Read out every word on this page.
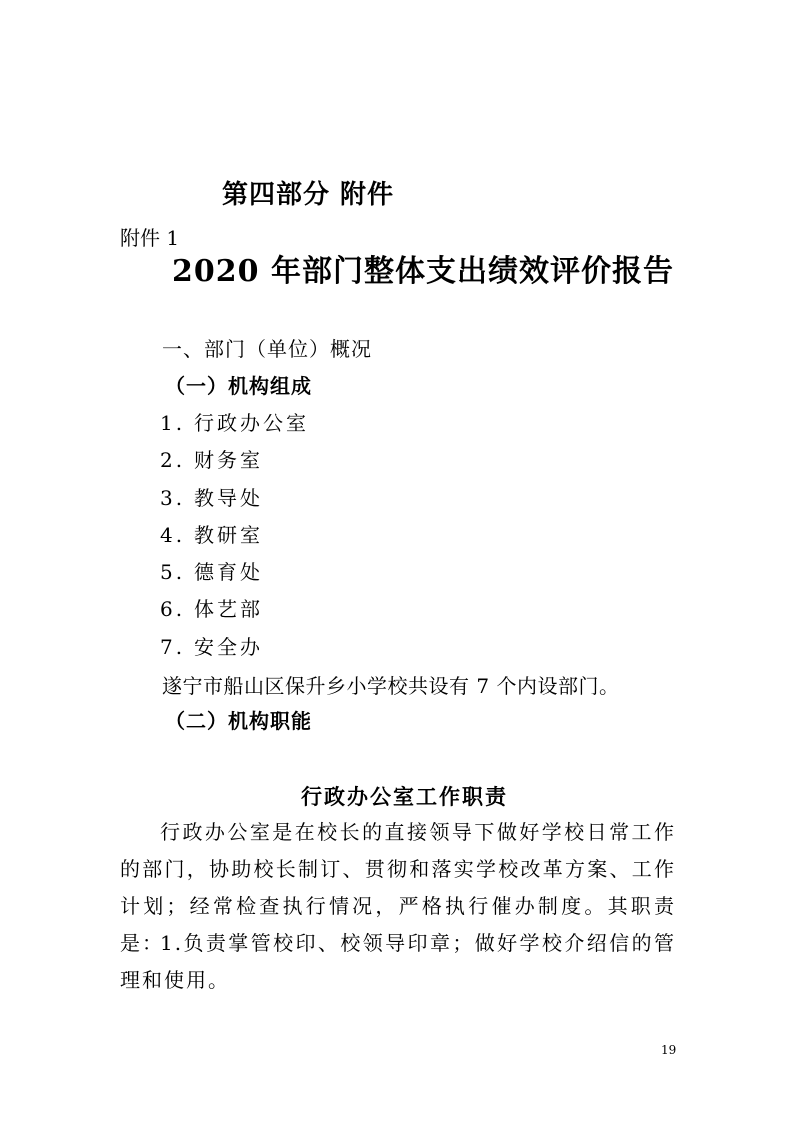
第四部分 附件
附件 1
2020 年部门整体支出绩效评价报告
一、部门（单位）概况
（一）机构组成
1. 行政办公室
2. 财务室
3. 教导处
4. 教研室
5. 德育处
6. 体艺部
7. 安全办
遂宁市船山区保升乡小学校共设有 7 个内设部门。
（二）机构职能
行政办公室工作职责

行政办公室是在校长的直接领导下做好学校日常工作的部门，协助校长制订、贯彻和落实学校改革方案、工作计划；经常检查执行情况，严格执行催办制度。其职责是：

1.负责掌管校印、校领导印章；做好学校介绍信的管理和使用。

19
